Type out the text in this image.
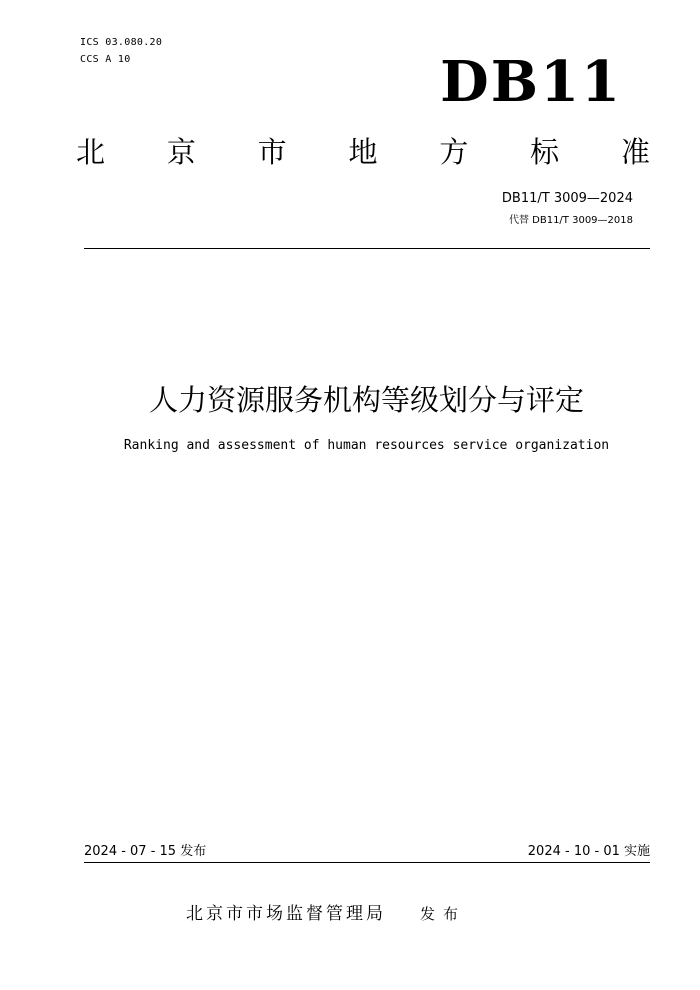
ICS 03.080.20
CCS A 10	DB11
北 京 市 地 方 标 准
DB11/T 3009—2024
代替 DB11/T 3009—2018
人力资源服务机构等级划分与评定
Ranking and assessment of human resources service organization
2024 - 07 - 15 发布	2024 - 10 - 01 实施
北京市市场监督管理局 发布
